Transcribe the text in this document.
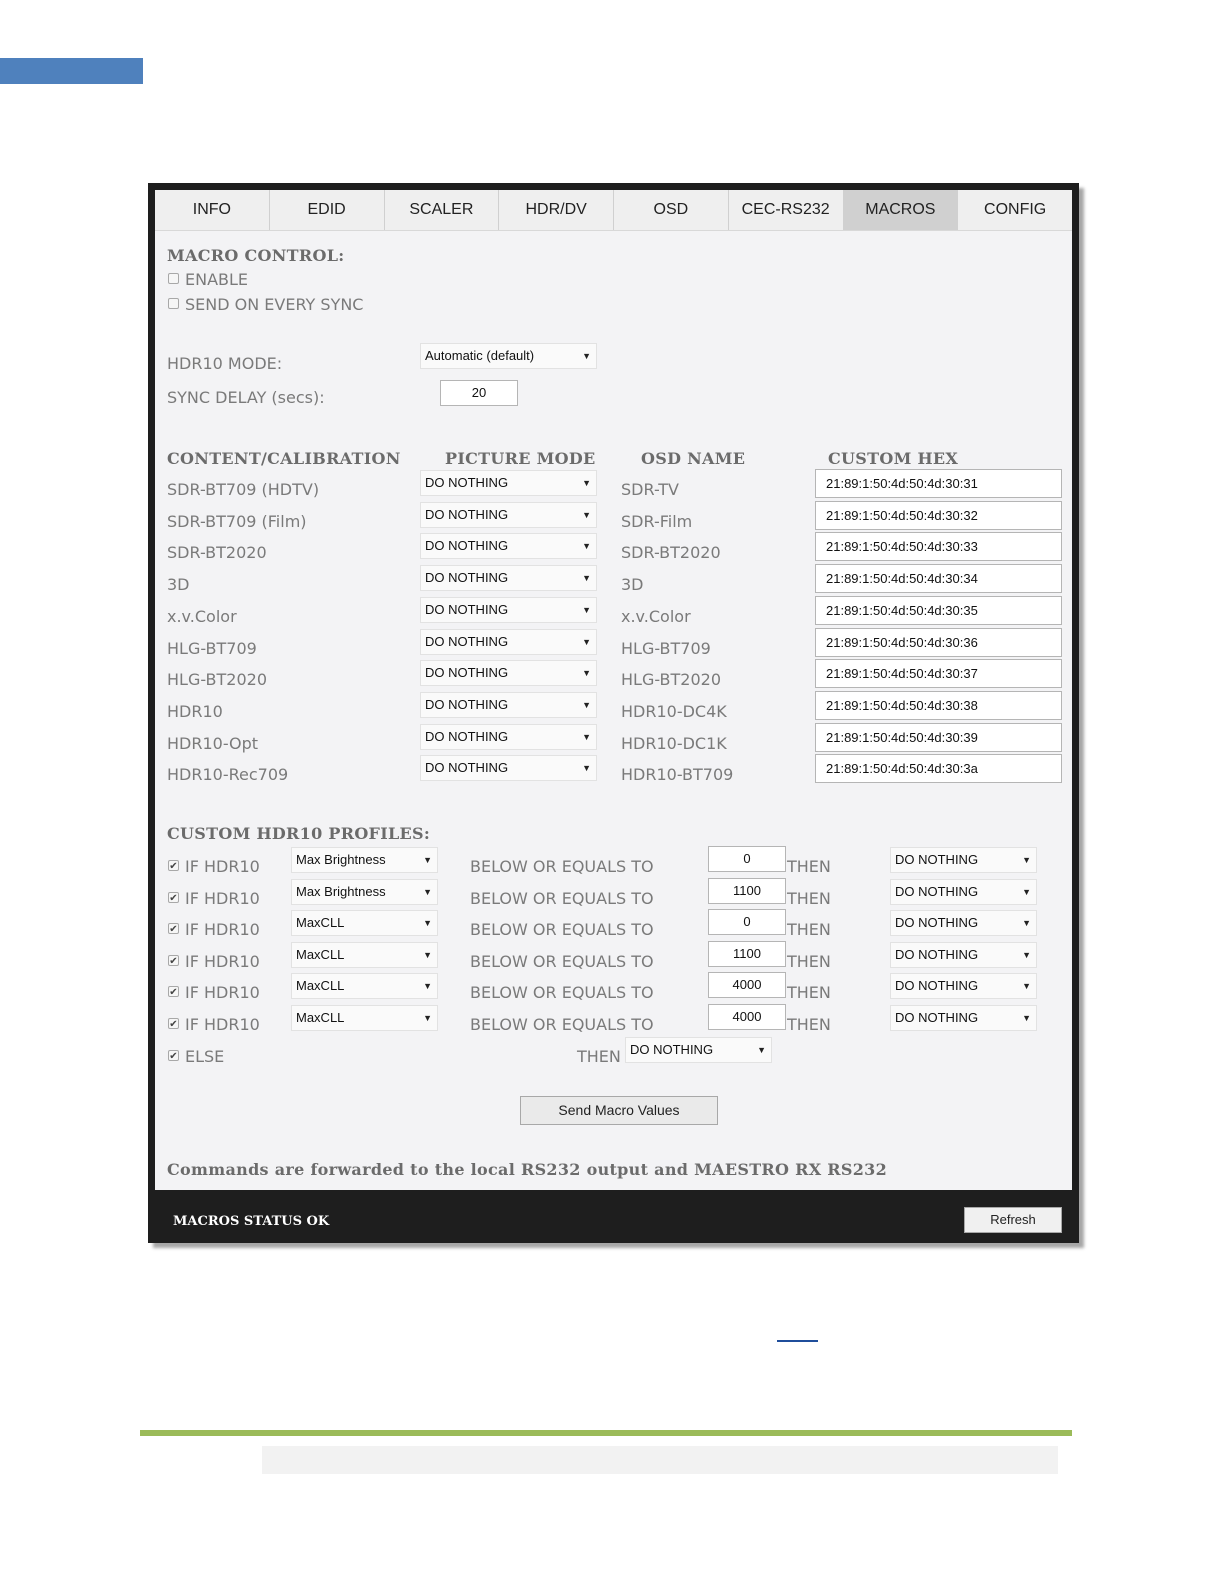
INFO	EDID	SCALER	HDR/DV	OSD	CEC-RS232	MACROS	CONFIG
MACRO CONTROL:
ENABLE
SEND ON EVERY SYNC
HDR10 MODE:	Automatic (default)	▼
SYNC DELAY (secs):	20
CONTENT/CALIBRATION	PICTURE MODE	OSD NAME	CUSTOM HEX
SDR-BT709 (HDTV)	DO NOTHING	▼ SDR-TV	21:89:1:50:4d:50:4d:30:31
SDR-BT709 (Film)	DO NOTHING	▼ SDR-Film	21:89:1:50:4d:50:4d:30:32
SDR-BT2020	DO NOTHING	▼ SDR-BT2020	21:89:1:50:4d:50:4d:30:33
3D	DO NOTHING	▼ 3D	21:89:1:50:4d:50:4d:30:34
x.v.Color	DO NOTHING	▼ x.v.Color	21:89:1:50:4d:50:4d:30:35
HLG-BT709	DO NOTHING	▼ HLG-BT709	21:89:1:50:4d:50:4d:30:36
HLG-BT2020	DO NOTHING	▼ HLG-BT2020	21:89:1:50:4d:50:4d:30:37
HDR10	DO NOTHING	▼ HDR10-DC4K	21:89:1:50:4d:50:4d:30:38
HDR10-Opt	DO NOTHING	▼ HDR10-DC1K	21:89:1:50:4d:50:4d:30:39
HDR10-Rec709	DO NOTHING	▼ HDR10-BT709	21:89:1:50:4d:50:4d:30:3a
CUSTOM HDR10 PROFILES:
✔ IF HDR10	Max Brightness	▼ BELOW OR EQUALS TO	0	THEN	DO NOTHING	▼
✔ IF HDR10	Max Brightness	▼ BELOW OR EQUALS TO	1100	THEN	DO NOTHING	▼
✔ IF HDR10	MaxCLL	▼ BELOW OR EQUALS TO	0	THEN	DO NOTHING	▼
✔ IF HDR10	MaxCLL	▼ BELOW OR EQUALS TO	1100	THEN	DO NOTHING	▼
✔ IF HDR10	MaxCLL	▼ BELOW OR EQUALS TO	4000	THEN	DO NOTHING	▼
✔ IF HDR10	MaxCLL	▼ BELOW OR EQUALS TO	4000	THEN	DO NOTHING	▼
✔ ELSE	THEN DO NOTHING	▼
Send Macro Values
Commands are forwarded to the local RS232 output and MAESTRO RX RS232
MACROS STATUS OK	Refresh
